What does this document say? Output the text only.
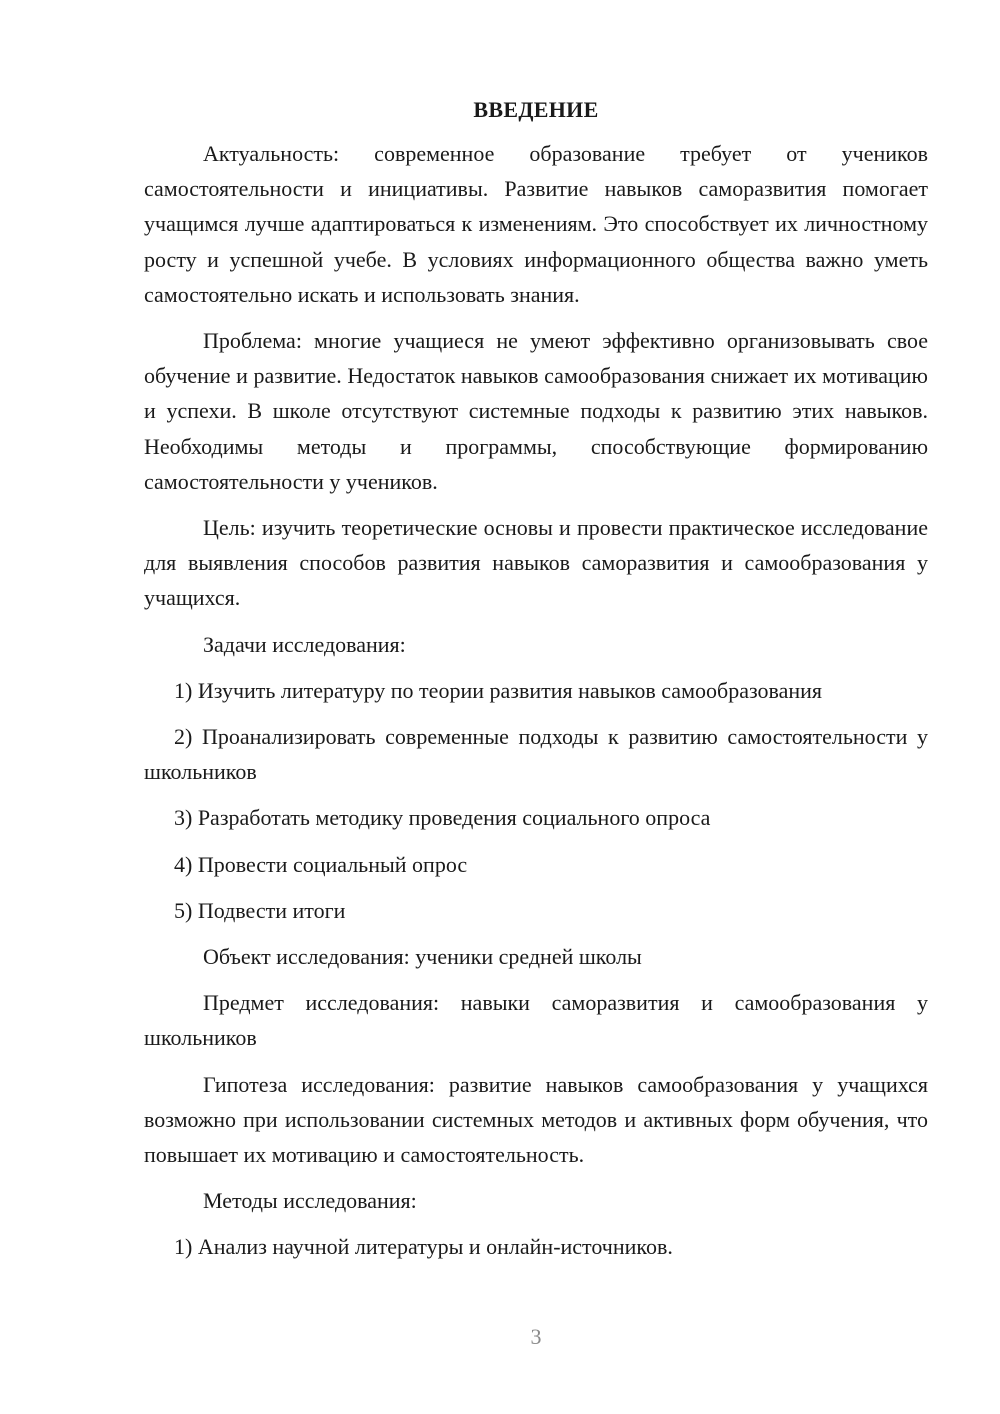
ВВЕДЕНИЕ
Актуальность: современное образование требует от учеников самостоятельности и инициативы. Развитие навыков саморазвития помогает учащимся лучше адаптироваться к изменениям. Это способствует их личностному росту и успешной учебе. В условиях информационного общества важно уметь самостоятельно искать и использовать знания.
Проблема: многие учащиеся не умеют эффективно организовывать свое обучение и развитие. Недостаток навыков самообразования снижает их мотивацию и успехи. В школе отсутствуют системные подходы к развитию этих навыков. Необходимы методы и программы, способствующие формированию самостоятельности у учеников.
Цель: изучить теоретические основы и провести практическое исследование для выявления способов развития навыков саморазвития и самообразования у учащихся.
Задачи исследования:
1) Изучить литературу по теории развития навыков самообразования
2) Проанализировать современные подходы к развитию самостоятельности у школьников
3) Разработать методику проведения социального опроса
4) Провести социальный опрос
5) Подвести итоги
Объект исследования: ученики средней школы
Предмет исследования: навыки саморазвития и самообразования у школьников
Гипотеза исследования: развитие навыков самообразования у учащихся возможно при использовании системных методов и активных форм обучения, что повышает их мотивацию и самостоятельность.
Методы исследования:
1) Анализ научной литературы и онлайн-источников.
3
